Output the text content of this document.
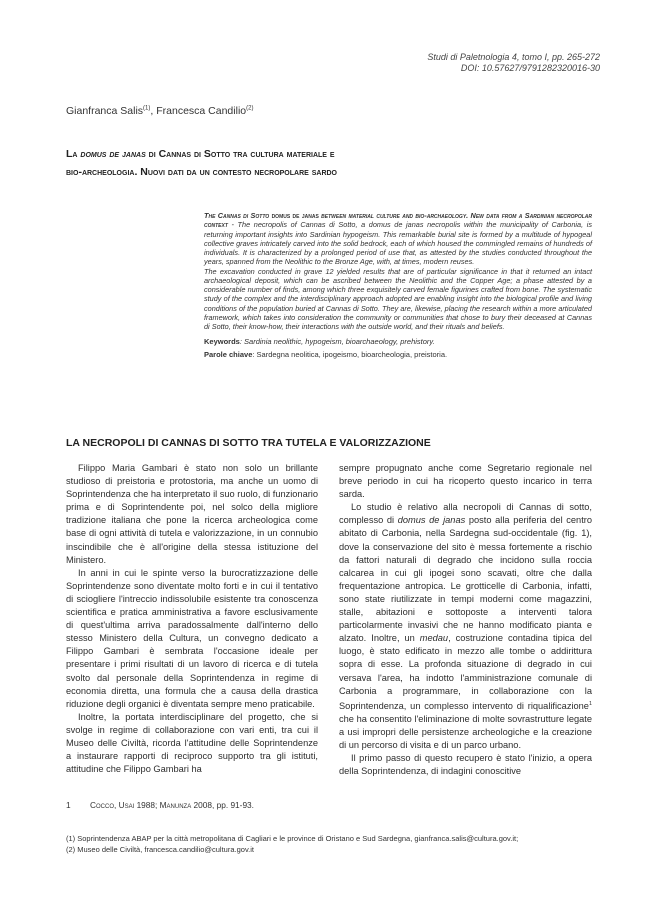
Studi di Paletnologia 4, tomo I, pp. 265-272
DOI: 10.57627/9791282320016-30
Gianfranca Salis$^{(1)}$, Francesca Candilio$^{(2)}$
La domus de janas di Cannas di Sotto tra cultura materiale e
bio-archeologia. Nuovi dati da un contesto necropolare sardo

The Cannas di Sotto domus de janas between material culture and bio-archaeology. New data from a Sardinian necropolar context - The necropolis of Cannas di Sotto, a domus de janas necropolis within the municipality of Carbonia, is returning important insights into Sardinian hypogeism. This remarkable burial site is formed by a multitude of hypogeal collective graves intricately carved into the solid bedrock, each of which housed the commingled remains of hundreds of individuals. It is characterized by a prolonged period of use that, as attested by the studies conducted throughout the years, spanned from the Neolithic to the Bronze Age, with, at times, modern reuses.

The excavation conducted in grave 12 yielded results that are of particular significance in that it returned an intact archaeological deposit, which can be ascribed between the Neolithic and the Copper Age; a phase attested by a considerable number of finds, among which three exquisitely carved female figurines crafted from bone. The systematic study of the complex and the interdisciplinary approach adopted are enabling insight into the biological profile and living conditions of the population buried at Cannas di Sotto. They are, likewise, placing the research within a more articulated framework, which takes into consideration the community or communities that chose to bury their deceased at Cannas di Sotto, their know-how, their interactions with the outside world, and their rituals and beliefs.

Keywords: Sardinia neolithic, hypogeism, bioarchaeology, prehistory.

Parole chiave: Sardegna neolitica, ipogeismo, bioarcheologia, preistoria.

LA NECROPOLI DI CANNAS DI SOTTO TRA TUTELA E VALORIZZAZIONE

Filippo Maria Gambari è stato non solo un brillante studioso di preistoria e protostoria, ma anche un uomo di Soprintendenza che ha interpretato il suo ruolo, di funzionario prima e di Soprintendente poi, nel solco della migliore tradizione italiana che pone la ricerca archeologica come base di ogni attività di tutela e valorizzazione, in un connubio inscindibile che è all'origine della stessa istituzione del Ministero.

In anni in cui le spinte verso la burocratizzazione delle Soprintendenze sono diventate molto forti e in cui il tentativo di sciogliere l'intreccio indissolubile esistente tra conoscenza scientifica e pratica amministrativa a favore esclusivamente di quest'ultima arriva paradossalmente dall'interno dello stesso Ministero della Cultura, un convegno dedicato a Filippo Gambari è sembrata l'occasione ideale per presentare i primi risultati di un lavoro di ricerca e di tutela svolto dal personale della Soprintendenza in regime di economia diretta, una formula che a causa della drastica riduzione degli organici è diventata sempre meno praticabile.

Inoltre, la portata interdisciplinare del progetto, che si svolge in regime di collaborazione con vari enti, tra cui il Museo delle Civiltà, ricorda l'attitudine delle Soprintendenze a instaurare rapporti di reciproco supporto tra gli istituti, attitudine che Filippo Gambari ha

sempre propugnato anche come Segretario regionale nel breve periodo in cui ha ricoperto questo incarico in terra sarda.

Lo studio è relativo alla necropoli di Cannas di sotto, complesso di domus de janas posto alla periferia del centro abitato di Carbonia, nella Sardegna sud-occidentale (fig. 1), dove la conservazione del sito è messa fortemente a rischio da fattori naturali di degrado che incidono sulla roccia calcarea in cui gli ipogei sono scavati, oltre che dalla frequentazione antropica. Le grotticelle di Carbonia, infatti, sono state riutilizzate in tempi moderni come magazzini, stalle, abitazioni e sottoposte a interventi talora particolarmente invasivi che ne hanno modificato pianta e alzato. Inoltre, un medau, costruzione contadina tipica del luogo, è stato edificato in mezzo alle tombe o addirittura sopra di esse. La profonda situazione di degrado in cui versava l'area, ha indotto l'amministrazione comunale di Carbonia a programmare, in collaborazione con la Soprintendenza, un complesso intervento di riqualificazione$^1$ che ha consentito l'eliminazione di molte sovrastrutture legate a usi impropri delle persistenze archeologiche e la creazione di un percorso di visita e di un parco urbano.

Il primo passo di questo recupero è stato l'inizio, a opera della Soprintendenza, di indagini conoscitive

1 Cocco, Usai 1988; Manunza 2008, pp. 91-93.
(1) Soprintendenza ABAP per la città metropolitana di Cagliari e le province di Oristano e Sud Sardegna, gianfranca.salis@cultura.gov.it;
(2) Museo delle Civiltà, francesca.candilio@cultura.gov.it
